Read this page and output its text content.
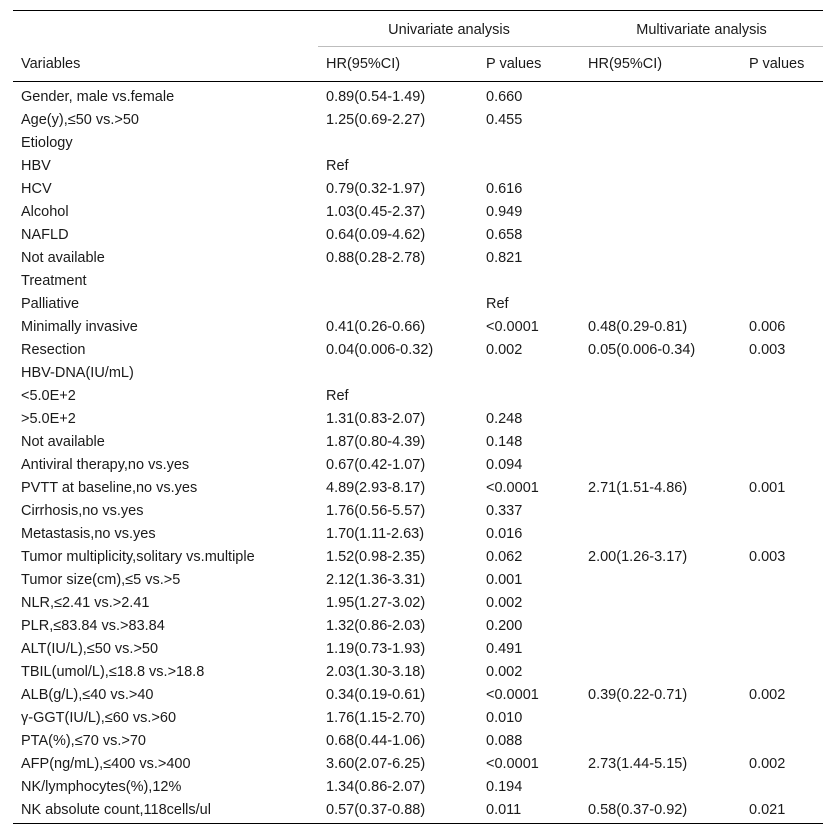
	Univariate analysis		Multivariate analysis	
Variables	HR(95%CI)	P values	HR(95%CI)	P values
Gender, male vs.female	0.89(0.54-1.49)	0.660		
Age(y),≤50 vs.>50	1.25(0.69-2.27)	0.455		
Etiology				
HBV	Ref			
HCV	0.79(0.32-1.97)	0.616		
Alcohol	1.03(0.45-2.37)	0.949		
NAFLD	0.64(0.09-4.62)	0.658		
Not available	0.88(0.28-2.78)	0.821		
Treatment				
Palliative		Ref		
Minimally invasive	0.41(0.26-0.66)	<0.0001	0.48(0.29-0.81)	0.006
Resection	0.04(0.006-0.32)	0.002	0.05(0.006-0.34)	0.003
HBV-DNA(IU/mL)				
<5.0E+2	Ref			
>5.0E+2	1.31(0.83-2.07)	0.248		
Not available	1.87(0.80-4.39)	0.148		
Antiviral therapy,no vs.yes	0.67(0.42-1.07)	0.094		
PVTT at baseline,no vs.yes	4.89(2.93-8.17)	<0.0001	2.71(1.51-4.86)	0.001
Cirrhosis,no vs.yes	1.76(0.56-5.57)	0.337		
Metastasis,no vs.yes	1.70(1.11-2.63)	0.016		
Tumor multiplicity,solitary vs.multiple	1.52(0.98-2.35)	0.062	2.00(1.26-3.17)	0.003
Tumor size(cm),≤5 vs.>5	2.12(1.36-3.31)	0.001		
NLR,≤2.41 vs.>2.41	1.95(1.27-3.02)	0.002		
PLR,≤83.84 vs.>83.84	1.32(0.86-2.03)	0.200		
ALT(IU/L),≤50 vs.>50	1.19(0.73-1.93)	0.491		
TBIL(umol/L),≤18.8 vs.>18.8	2.03(1.30-3.18)	0.002		
ALB(g/L),≤40 vs.>40	0.34(0.19-0.61)	<0.0001	0.39(0.22-0.71)	0.002
γ-GGT(IU/L),≤60 vs.>60	1.76(1.15-2.70)	0.010		
PTA(%),≤70 vs.>70	0.68(0.44-1.06)	0.088		
AFP(ng/mL),≤400 vs.>400	3.60(2.07-6.25)	<0.0001	2.73(1.44-5.15)	0.002
NK/lymphocytes(%),12%	1.34(0.86-2.07)	0.194		
NK absolute count,118cells/ul	0.57(0.37-0.88)	0.011	0.58(0.37-0.92)	0.021
